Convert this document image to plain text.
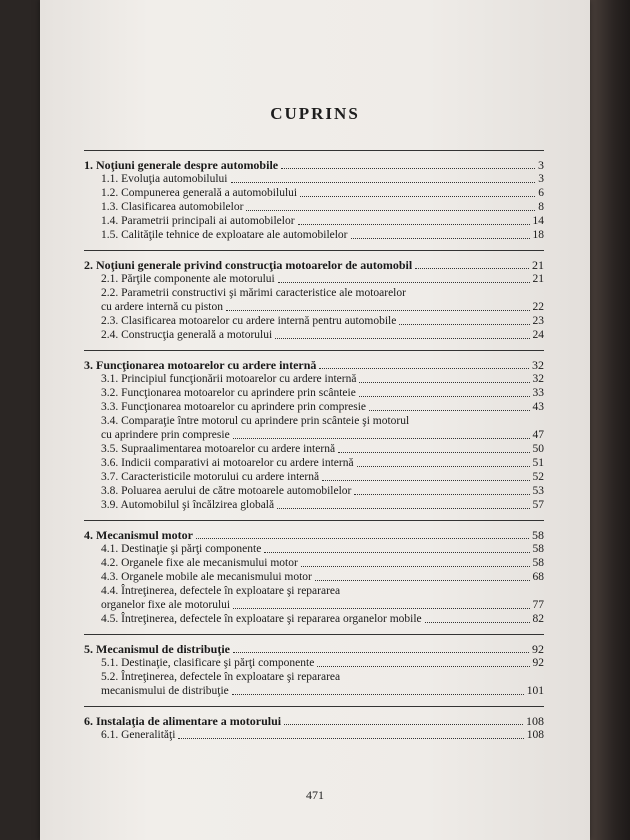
CUPRINS
1. Noţiuni generale despre automobile	3
1.1. Evoluţia automobilului	3
1.2. Compunerea generală a automobilului	6
1.3. Clasificarea automobilelor	8
1.4. Parametrii principali ai automobilelor	14
1.5. Calităţile tehnice de exploatare ale automobilelor	18
2. Noţiuni generale privind construcţia motoarelor de automobil	21
2.1. Părţile componente ale motorului	21
2.2. Parametrii constructivi şi mărimi caracteristice ale motoarelor
cu ardere internă cu piston	22
2.3. Clasificarea motoarelor cu ardere internă pentru automobile	23
2.4. Construcţia generală a motorului	24
3. Funcţionarea motoarelor cu ardere internă	32
3.1. Principiul funcţionării motoarelor cu ardere internă	32
3.2. Funcţionarea motoarelor cu aprindere prin scânteie	33
3.3. Funcţionarea motoarelor cu aprindere prin compresie	43
3.4. Comparaţie între motorul cu aprindere prin scânteie şi motorul
cu aprindere prin compresie	47
3.5. Supraalimentarea motoarelor cu ardere internă	50
3.6. Indicii comparativi ai motoarelor cu ardere internă	51
3.7. Caracteristicile motorului cu ardere internă	52
3.8. Poluarea aerului de către motoarele automobilelor	53
3.9. Automobilul şi încălzirea globală	57
4. Mecanismul motor	58
4.1. Destinaţie şi părţi componente	58
4.2. Organele fixe ale mecanismului motor	58
4.3. Organele mobile ale mecanismului motor	68
4.4. Întreţinerea, defectele în exploatare şi repararea
organelor fixe ale motorului	77
4.5. Întreţinerea, defectele în exploatare şi repararea organelor mobile	82
5. Mecanismul de distribuţie	92
5.1. Destinaţie, clasificare şi părţi componente	92
5.2. Întreţinerea, defectele în exploatare şi repararea
mecanismului de distribuţie	101
6. Instalaţia de alimentare a motorului	108
6.1. Generalităţi	108
471
